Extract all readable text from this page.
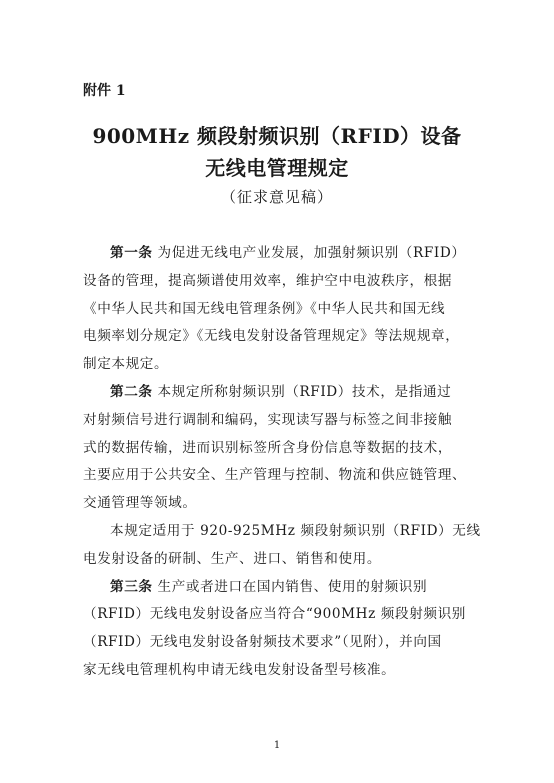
附件 1
900MHz 频段射频识别（RFID）设备
无线电管理规定
（征求意见稿）
第一条 为促进无线电产业发展，加强射频识别（RFID）
设备的管理，提高频谱使用效率，维护空中电波秩序，根据
《中华人民共和国无线电管理条例》《中华人民共和国无线
电频率划分规定》《无线电发射设备管理规定》等法规规章，
制定本规定。
第二条 本规定所称射频识别（RFID）技术，是指通过
对射频信号进行调制和编码，实现读写器与标签之间非接触
式的数据传输，进而识别标签所含身份信息等数据的技术，
主要应用于公共安全、生产管理与控制、物流和供应链管理、
交通管理等领域。
本规定适用于 920-925MHz 频段射频识别（RFID）无线
电发射设备的研制、生产、进口、销售和使用。
第三条 生产或者进口在国内销售、使用的射频识别
（RFID）无线电发射设备应当符合“900MHz 频段射频识别
（RFID）无线电发射设备射频技术要求”（见附），并向国
家无线电管理机构申请无线电发射设备型号核准。
1
